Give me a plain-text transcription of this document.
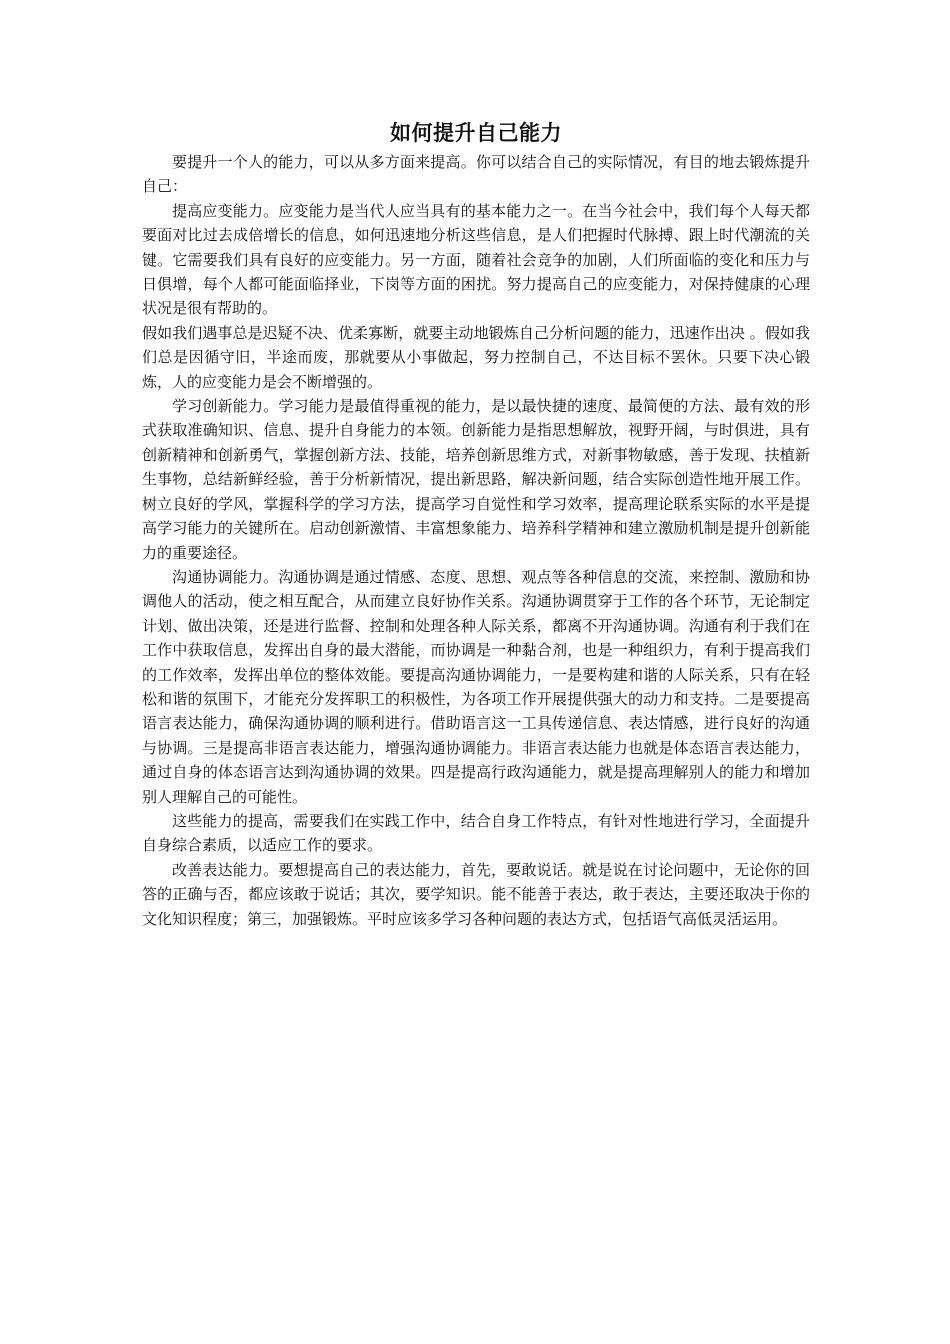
如何提升自己能力

要提升一个人的能力，可以从多方面来提高。你可以结合自己的实际情况，有目的地去锻炼提升自己：

提高应变能力。应变能力是当代人应当具有的基本能力之一。在当今社会中，我们每个人每天都要面对比过去成倍增长的信息，如何迅速地分析这些信息，是人们把握时代脉搏、跟上时代潮流的关键。它需要我们具有良好的应变能力。另一方面，随着社会竞争的加剧，人们所面临的变化和压力与日俱增，每个人都可能面临择业，下岗等方面的困扰。努力提高自己的应变能力，对保持健康的心理状况是很有帮助的。

假如我们遇事总是迟疑不决、优柔寡断，就要主动地锻炼自己分析问题的能力，迅速作出决 。假如我们总是因循守旧，半途而废，那就要从小事做起，努力控制自己，不达目标不罢休。只要下决心锻炼，人的应变能力是会不断增强的。

学习创新能力。学习能力是最值得重视的能力，是以最快捷的速度、最简便的方法、最有效的形式获取准确知识、信息、提升自身能力的本领。创新能力是指思想解放，视野开阔，与时俱进，具有创新精神和创新勇气，掌握创新方法、技能，培养创新思维方式，对新事物敏感，善于发现、扶植新生事物，总结新鲜经验，善于分析新情况，提出新思路，解决新问题，结合实际创造性地开展工作。树立良好的学风，掌握科学的学习方法，提高学习自觉性和学习效率，提高理论联系实际的水平是提高学习能力的关键所在。启动创新激情、丰富想象能力、培养科学精神和建立激励机制是提升创新能力的重要途径。

沟通协调能力。沟通协调是通过情感、态度、思想、观点等各种信息的交流，来控制、激励和协调他人的活动，使之相互配合，从而建立良好协作关系。沟通协调贯穿于工作的各个环节，无论制定计划、做出决策，还是进行监督、控制和处理各种人际关系，都离不开沟通协调。沟通有利于我们在工作中获取信息，发挥出自身的最大潜能，而协调是一种黏合剂，也是一种组织力，有利于提高我们的工作效率，发挥出单位的整体效能。要提高沟通协调能力，一是要构建和谐的人际关系，只有在轻松和谐的氛围下，才能充分发挥职工的积极性，为各项工作开展提供强大的动力和支持。二是要提高语言表达能力，确保沟通协调的顺利进行。借助语言这一工具传递信息、表达情感，进行良好的沟通与协调。三是提高非语言表达能力，增强沟通协调能力。非语言表达能力也就是体态语言表达能力，通过自身的体态语言达到沟通协调的效果。四是提高行政沟通能力，就是提高理解别人的能力和增加别人理解自己的可能性。

这些能力的提高，需要我们在实践工作中，结合自身工作特点，有针对性地进行学习，全面提升自身综合素质，以适应工作的要求。

改善表达能力。要想提高自己的表达能力，首先，要敢说话。就是说在讨论问题中，无论你的回答的正确与否，都应该敢于说话；其次，要学知识。能不能善于表达，敢于表达，主要还取决于你的文化知识程度；第三，加强锻炼。平时应该多学习各种问题的表达方式，包括语气高低灵活运用。
